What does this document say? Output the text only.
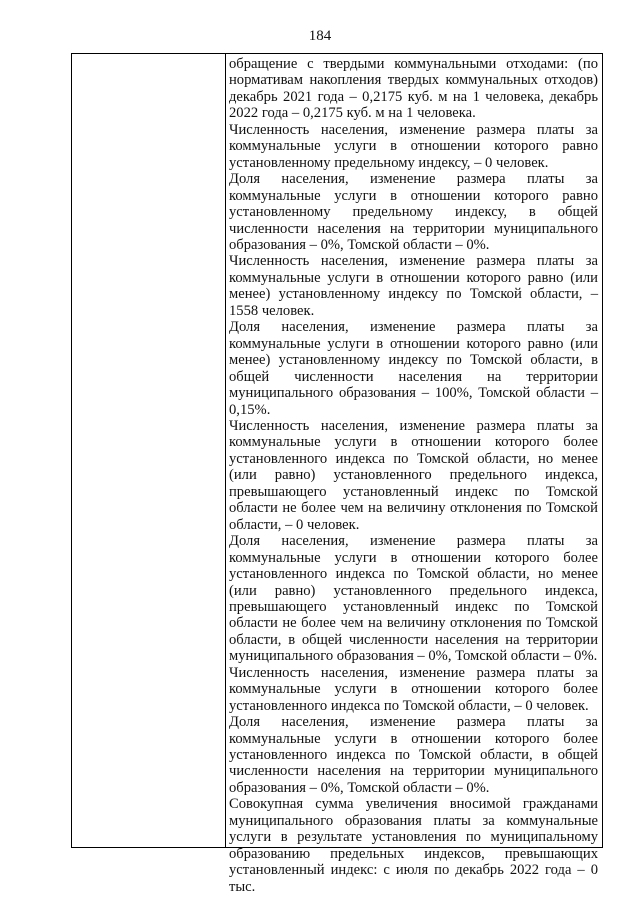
184

обращение с твердыми коммунальными отходами: (по нормативам накопления твердых коммунальных отходов) декабрь 2021 года – 0,2175 куб. м на 1 человека, декабрь 2022 года – 0,2175 куб. м на 1 человека.

Численность населения, изменение размера платы за коммунальные услуги в отношении которого равно установленному предельному индексу, – 0 человек.

Доля населения, изменение размера платы за коммунальные услуги в отношении которого равно установленному предельному индексу, в общей численности населения на территории муниципального образования – 0%, Томской области – 0%.

Численность населения, изменение размера платы за коммунальные услуги в отношении которого равно (или менее) установленному индексу по Томской области, – 1558 человек.

Доля населения, изменение размера платы за коммунальные услуги в отношении которого равно (или менее) установленному индексу по Томской области, в общей численности населения на территории муниципального образования – 100%, Томской области – 0,15%.

Численность населения, изменение размера платы за коммунальные услуги в отношении которого более установленного индекса по Томской области, но менее (или равно) установленного предельного индекса, превышающего установленный индекс по Томской области не более чем на величину отклонения по Томской области, – 0 человек.

Доля населения, изменение размера платы за коммунальные услуги в отношении которого более установленного индекса по Томской области, но менее (или равно) установленного предельного индекса, превышающего установленный индекс по Томской области не более чем на величину отклонения по Томской области, в общей численности населения на территории муниципального образования – 0%, Томской области – 0%.

Численность населения, изменение размера платы за коммунальные услуги в отношении которого более установленного индекса по Томской области, – 0 человек.

Доля населения, изменение размера платы за коммунальные услуги в отношении которого более установленного индекса по Томской области, в общей численности населения на территории муниципального образования – 0%, Томской области – 0%.

Совокупная сумма увеличения вносимой гражданами муниципального образования платы за коммунальные услуги в результате установления по муниципальному образованию предельных индексов, превышающих установленный индекс: с июля по декабрь 2022 года – 0 тыс.
